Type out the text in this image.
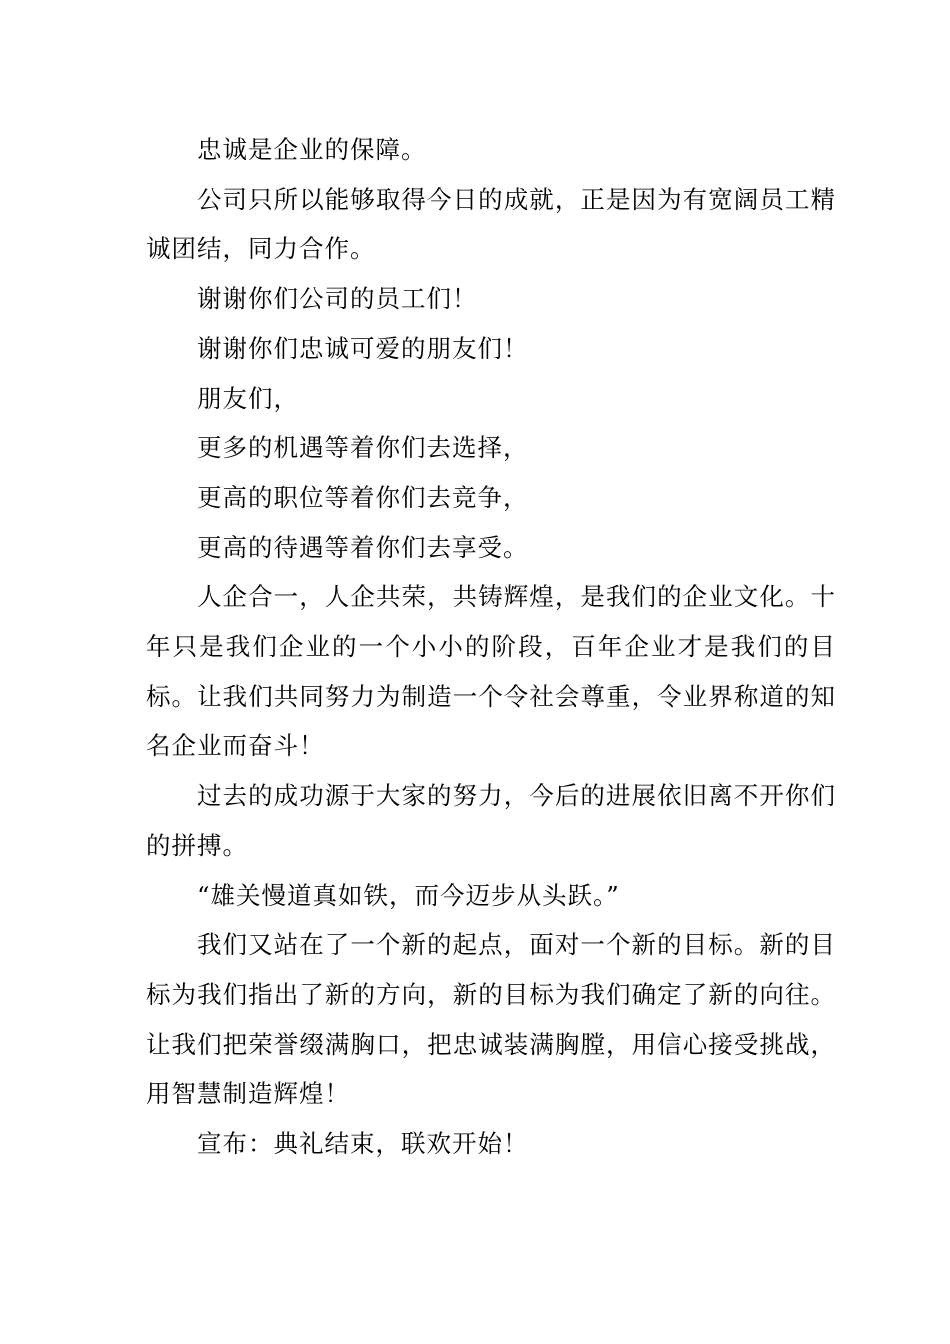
忠诚是企业的保障。

公司只所以能够取得今日的成就，正是因为有宽阔员工精诚团结，同力合作。

谢谢你们公司的员工们！

谢谢你们忠诚可爱的朋友们！

朋友们，

更多的机遇等着你们去选择，

更高的职位等着你们去竞争，

更高的待遇等着你们去享受。

人企合一，人企共荣，共铸辉煌，是我们的企业文化。十年只是我们企业的一个小小的阶段，百年企业才是我们的目标。让我们共同努力为制造一个令社会尊重，令业界称道的知名企业而奋斗！

过去的成功源于大家的努力，今后的进展依旧离不开你们的拼搏。

“雄关慢道真如铁，而今迈步从头跃。”

我们又站在了一个新的起点，面对一个新的目标。新的目标为我们指出了新的方向，新的目标为我们确定了新的向往。让我们把荣誉缀满胸口，把忠诚装满胸膛，用信心接受挑战，用智慧制造辉煌！

宣布：典礼结束，联欢开始！
